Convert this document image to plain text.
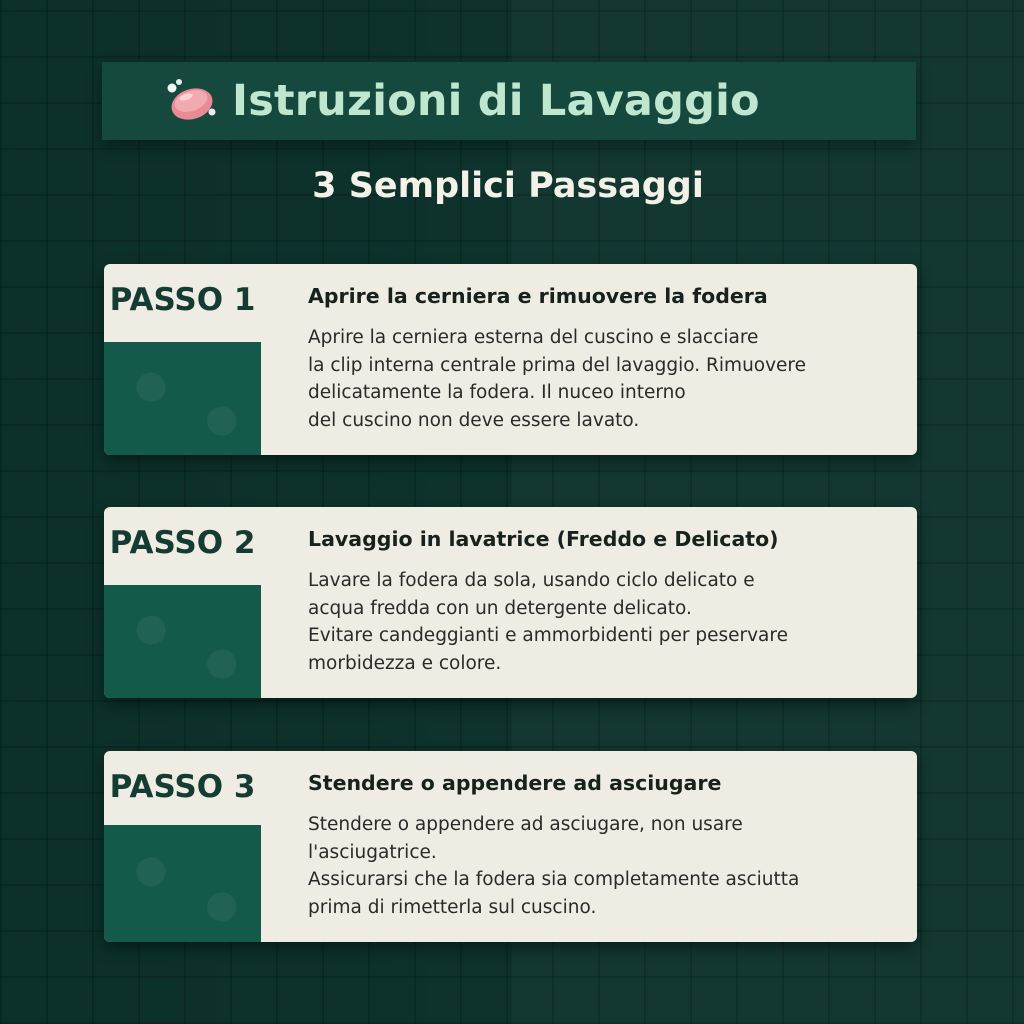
Istruzioni di Lavaggio
3 Semplici Passaggi
PASSO 1	Aprire la cerniera e rimuovere la fodera
Aprire la cerniera esterna del cuscino e slacciare
la clip interna centrale prima del lavaggio. Rimuovere
delicatamente la fodera. Il nuceo interno
del cuscino non deve essere lavato.
PASSO 2	Lavaggio in lavatrice (Freddo e Delicato)
Lavare la fodera da sola, usando ciclo delicato e
acqua fredda con un detergente delicato.
Evitare candeggianti e ammorbidenti per peservare
morbidezza e colore.
PASSO 3	Stendere o appendere ad asciugare
Stendere o appendere ad asciugare, non usare
l'asciugatrice.
Assicurarsi che la fodera sia completamente asciutta
prima di rimetterla sul cuscino.
